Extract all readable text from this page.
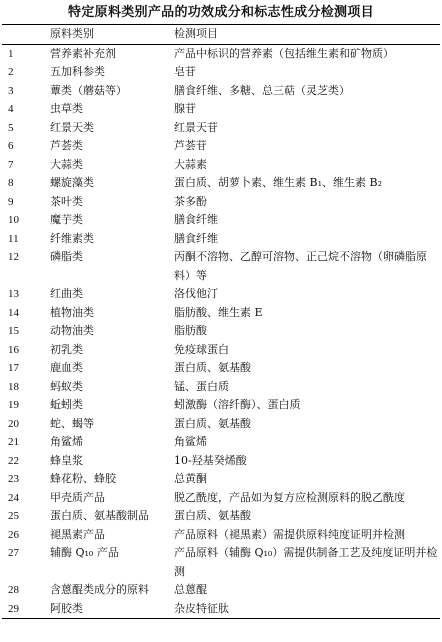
特定原料类别产品的功效成分和标志性成分检测项目
	原料类别	检测项目
1	营养素补充剂	产品中标识的营养素（包括维生素和矿物质）
2	五加科参类	皂苷
3	蕈类（蘑菇等）	膳食纤维、多糖、总三萜（灵芝类）
4	虫草类	腺苷
5	红景天类	红景天苷
6	芦荟类	芦荟苷
7	大蒜类	大蒜素
8	螺旋藻类	蛋白质、胡萝卜素、维生素 B₁、维生素 B₂
9	茶叶类	茶多酚
10	魔芋类	膳食纤维
11	纤维素类	膳食纤维
12	磷脂类	丙酮不溶物、乙醇可溶物、正己烷不溶物（卵磷脂原料）等
13	红曲类	洛伐他汀
14	植物油类	脂肪酸、维生素 E
15	动物油类	脂肪酸
16	初乳类	免疫球蛋白
17	鹿血类	蛋白质、氨基酸
18	蚂蚁类	锰、蛋白质
19	蚯蚓类	蚓激酶（溶纤酶）、蛋白质
20	蛇、蝎等	蛋白质、氨基酸
21	角鲨烯	角鲨烯
22	蜂皇浆	10-羟基癸烯酸
23	蜂花粉、蜂胶	总黄酮
24	甲壳质产品	脱乙酰度，产品如为复方应检测原料的脱乙酰度
25	蛋白质、氨基酸制品	蛋白质、氨基酸
26	褪黑素产品	产品原料（褪黑素）需提供原料纯度证明并检测
27	辅酶 Q₁₀ 产品	产品原料（辅酶 Q₁₀）需提供制备工艺及纯度证明并检测
28	含蒽醌类成分的原料	总蒽醌
29	阿胶类	杂皮特征肽
